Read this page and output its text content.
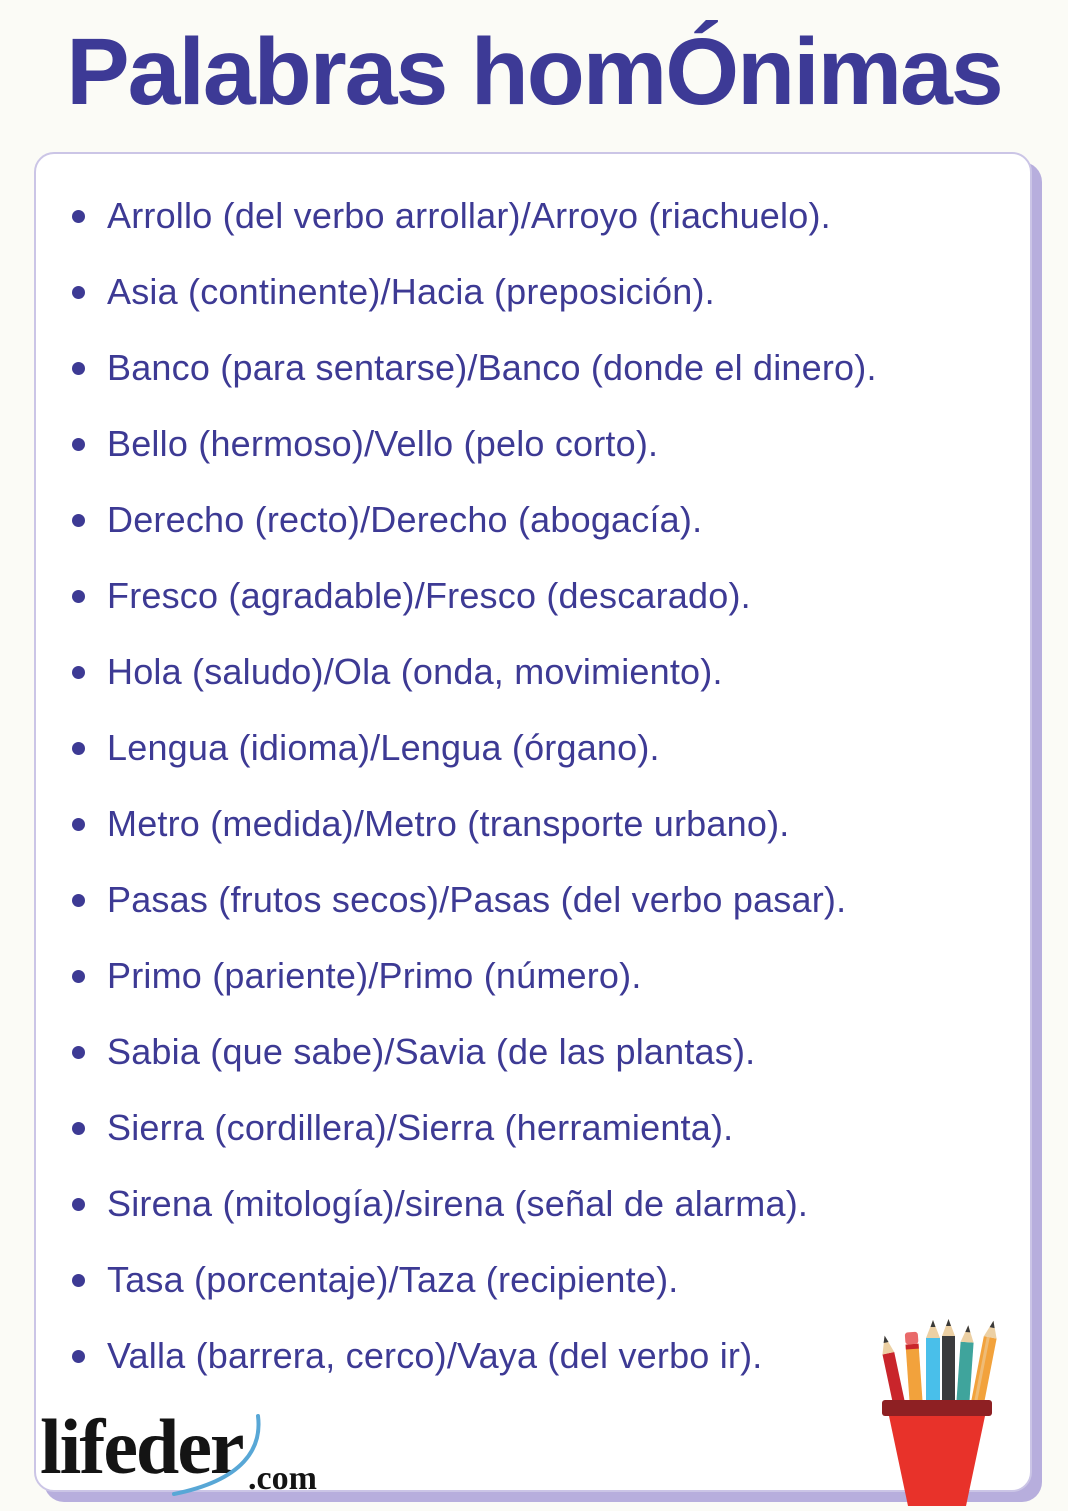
Palabras homÓnimas
Arrollo (del verbo arrollar)/Arroyo (riachuelo).
Asia (continente)/Hacia (preposición).
Banco (para sentarse)/Banco (donde el dinero).
Bello (hermoso)/Vello (pelo corto).
Derecho (recto)/Derecho (abogacía).
Fresco (agradable)/Fresco (descarado).
Hola (saludo)/Ola (onda, movimiento).
Lengua (idioma)/Lengua (órgano).
Metro (medida)/Metro (transporte urbano).
Pasas (frutos secos)/Pasas (del verbo pasar).
Primo (pariente)/Primo (número).
Sabia (que sabe)/Savia (de las plantas).
Sierra (cordillera)/Sierra (herramienta).
Sirena (mitología)/sirena (señal de alarma).
Tasa (porcentaje)/Taza (recipiente).
Valla (barrera, cerco)/Vaya (del verbo ir).
lifeder .com
